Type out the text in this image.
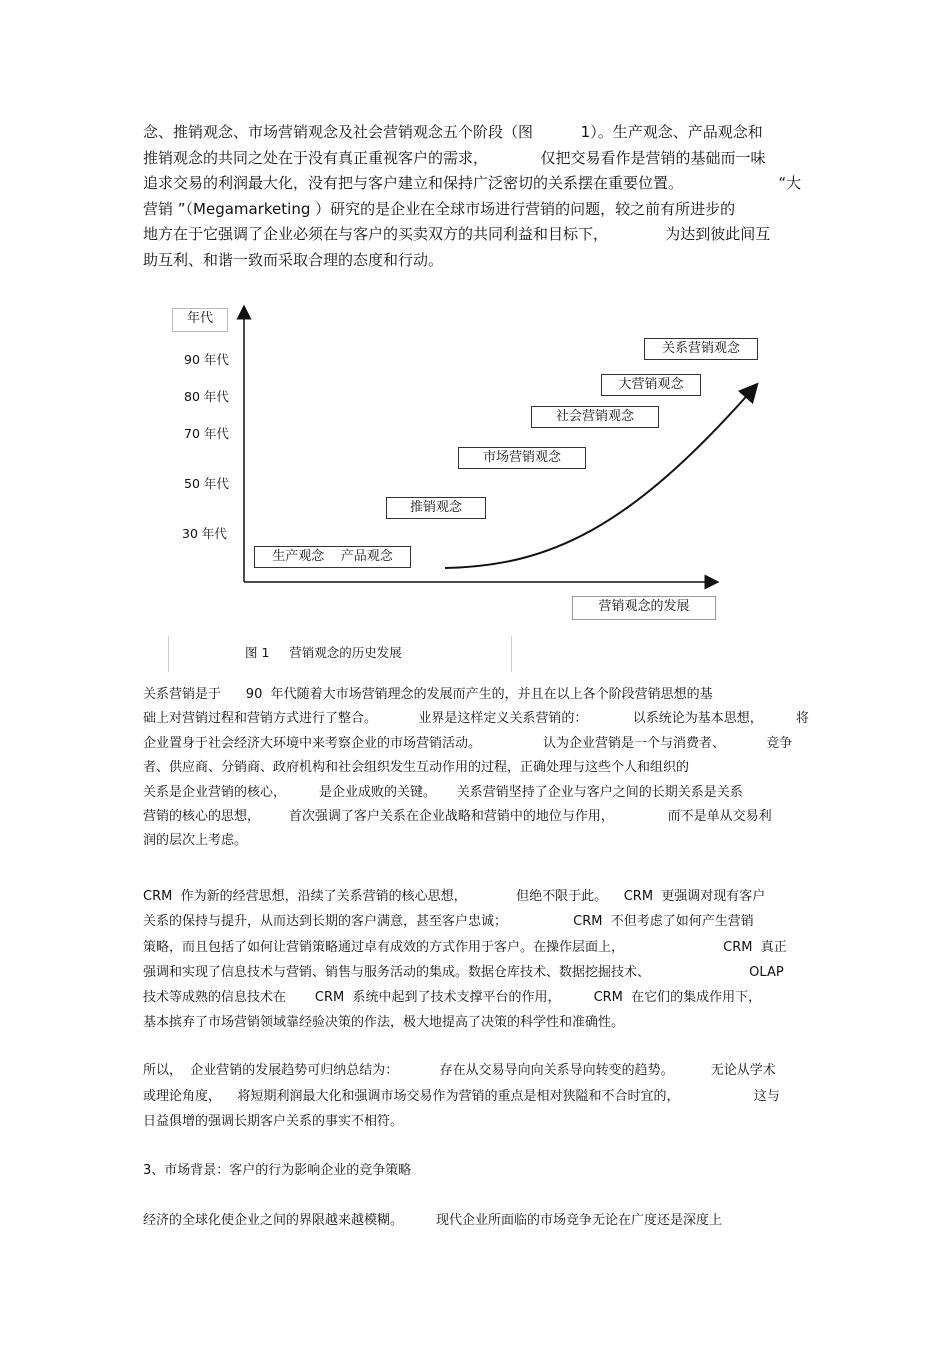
念、推销观念、市场营销观念及社会营销观念五个阶段（图          1）。生产观念、产品观念和
推销观念的共同之处在于没有真正重视客户的需求，           仅把交易看作是营销的基础而一味
追求交易的利润最大化，没有把与客户建立和保持广泛密切的关系摆在重要位置。                    “大
营销 ”（Megamarketing ）研究的是企业在全球市场进行营销的问题，较之前有所进步的
地方在于它强调了企业必须在与客户的买卖双方的共同利益和目标下，            为达到彼此间互
助互利、和谐一致而采取合理的态度和行动。
年代
90 年代
80 年代
70 年代
50 年代
30 年代
关系营销观念
大营销观念
社会营销观念
市场营销观念
推销观念
生产观念    产品观念
营销观念的发展
图 1     营销观念的历史发展
关系营销是于      90  年代随着大市场营销理念的发展而产生的，并且在以上各个阶段营销思想的基
础上对营销过程和营销方式进行了整合。          业界是这样定义关系营销的：           以系统论为基本思想，        将
企业置身于社会经济大环境中来考察企业的市场营销活动。               认为企业营销是一个与消费者、          竞争
者、供应商、分销商、政府机构和社会组织发生互动作用的过程，正确处理与这些个人和组织的
关系是企业营销的核心，        是企业成败的关键。     关系营销坚持了企业与客户之间的长期关系是关系
营销的核心的思想，       首次强调了客户关系在企业战略和营销中的地位与作用，             而不是单从交易利
润的层次上考虑。
CRM  作为新的经营思想，沿续了关系营销的核心思想，            但绝不限于此。    CRM  更强调对现有客户
关系的保持与提升，从而达到长期的客户满意，甚至客户忠诚；                CRM  不但考虑了如何产生营销
策略，而且包括了如何让营销策略通过卓有成效的方式作用于客户。在操作层面上，                        CRM  真正
强调和实现了信息技术与营销、销售与服务活动的集成。数据仓库技术、数据挖掘技术、                        OLAP
技术等成熟的信息技术在       CRM  系统中起到了技术支撑平台的作用，        CRM  在它们的集成作用下，
基本摈弃了市场营销领域靠经验决策的作法，极大地提高了决策的科学性和准确性。
所以，  企业营销的发展趋势可归纳总结为：          存在从交易导向向关系导向转变的趋势。         无论从学术
或理论角度，    将短期利润最大化和强调市场交易作为营销的重点是相对狭隘和不合时宜的，                  这与
日益俱增的强调长期客户关系的事实不相符。
3、市场背景：客户的行为影响企业的竞争策略
经济的全球化使企业之间的界限越来越模糊。        现代企业所面临的市场竞争无论在广度还是深度上
